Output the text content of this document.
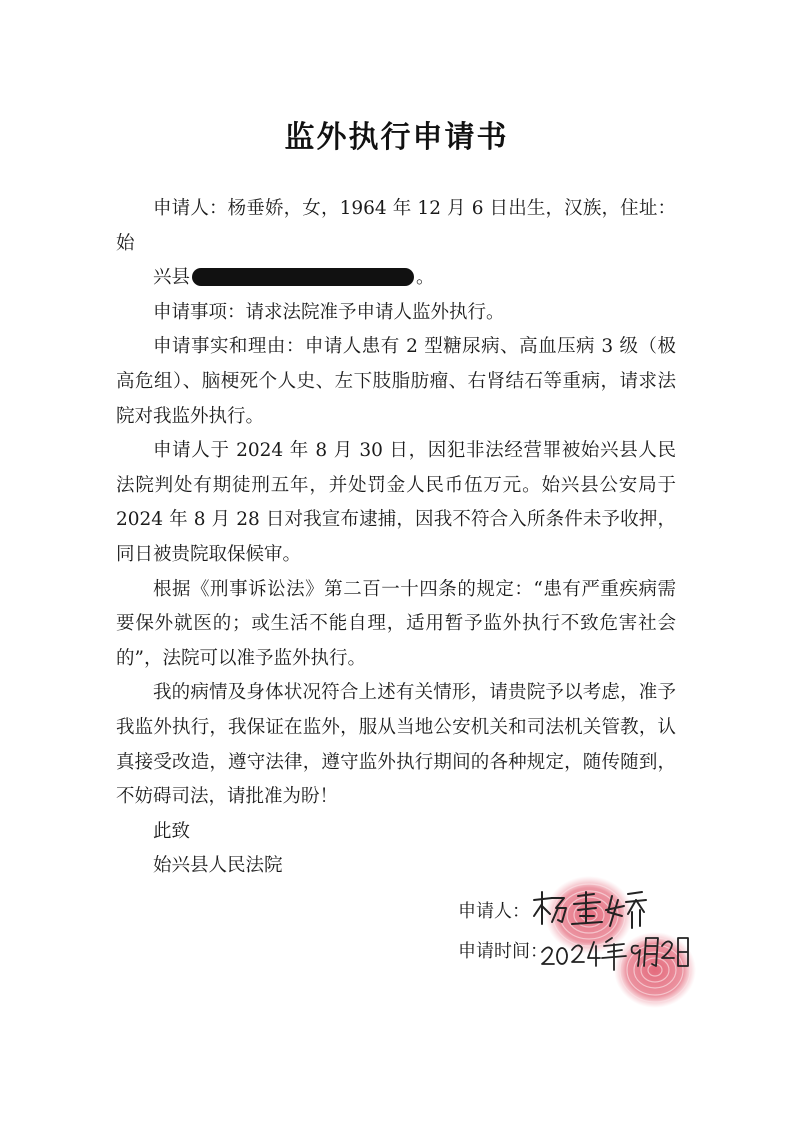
监外执行申请书

申请人：杨垂娇，女，1964 年 12 月 6 日出生，汉族，住址：始

兴县	。

申请事项：请求法院准予申请人监外执行。

申请事实和理由：申请人患有 2 型糖尿病、高血压病 3 级（极高危组）、脑梗死个人史、左下肢脂肪瘤、右肾结石等重病，请求法院对我监外执行。

申请人于 2024 年 8 月 30 日，因犯非法经营罪被始兴县人民法院判处有期徒刑五年，并处罚金人民币伍万元。始兴县公安局于 2024 年 8 月 28 日对我宣布逮捕，因我不符合入所条件未予收押，同日被贵院取保候审。

根据《刑事诉讼法》第二百一十四条的规定：“患有严重疾病需要保外就医的；或生活不能自理，适用暂予监外执行不致危害社会的”，法院可以准予监外执行。

我的病情及身体状况符合上述有关情形，请贵院予以考虑，准予我监外执行，我保证在监外，服从当地公安机关和司法机关管教，认真接受改造，遵守法律，遵守监外执行期间的各种规定，随传随到，不妨碍司法，请批准为盼！

此致

始兴县人民法院

申请人：
申请时间：
